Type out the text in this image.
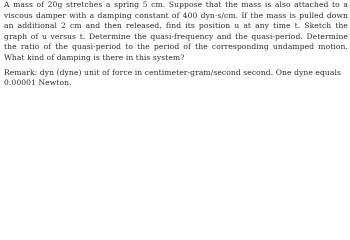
A mass of 20g stretches a spring 5 cm. Suppose that the mass is also attached to a
viscous damper with a damping constant of 400 dyn·s/cm. If the mass is pulled down
an additional 2 cm and then released, find its position u at any time t. Sketch the
graph of u versus t. Determine the quasi-frequency and the quasi-period. Determine
the ratio of the quasi-period to the period of the corresponding undamped motion.
What kind of damping is there in this system?
Remark: dyn (dyne) unit of force in centimeter-gram/second second. One dyne equals
0.00001 Newton.
